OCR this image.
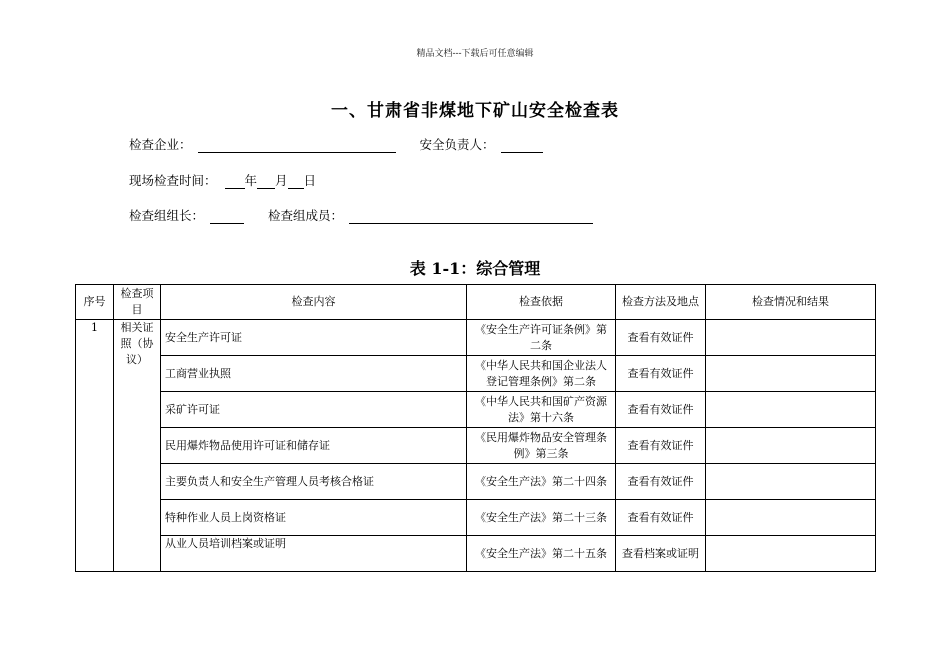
精品文档---下载后可任意编辑
一、甘肃省非煤地下矿山安全检查表
检查企业：	安全负责人：
现场检查时间： 年 月 日
检查组组长：	检查组成员：
表 1-1：综合管理
序号	检查项目	检查内容	检查依据	检查方法及地点	检查情况和结果
1	相关证照（协议）	安全生产许可证	《安全生产许可证条例》第二条	查看有效证件	
		工商营业执照	《中华人民共和国企业法人登记管理条例》第二条	查看有效证件	
		采矿许可证	《中华人民共和国矿产资源法》第十六条	查看有效证件	
		民用爆炸物品使用许可证和储存证	《民用爆炸物品安全管理条例》第三条	查看有效证件	
		主要负责人和安全生产管理人员考核合格证	《安全生产法》第二十四条	查看有效证件	
		特种作业人员上岗资格证	《安全生产法》第二十三条	查看有效证件	
		从业人员培训档案或证明	《安全生产法》第二十五条	查看档案或证明	
